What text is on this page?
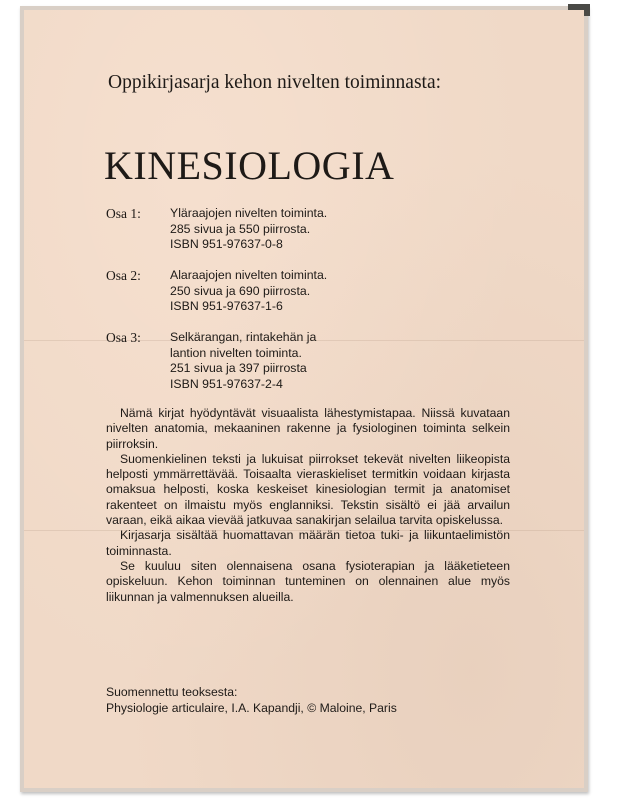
Oppikirjasarja kehon nivelten toiminnasta:
KINESIOLOGIA
Osa 1:	Yläraajojen nivelten toiminta.
285 sivua ja 550 piirrosta.
ISBN 951-97637-0-8
Osa 2:	Alaraajojen nivelten toiminta.
250 sivua ja 690 piirrosta.
ISBN 951-97637-1-6
Osa 3:	Selkärangan, rintakehän ja
lantion nivelten toiminta.
251 sivua ja 397 piirrosta
ISBN 951-97637-2-4

Nämä kirjat hyödyntävät visuaalista lähestymistapaa. Niissä kuvataan nivelten anatomia, mekaaninen rakenne ja fysiologinen toiminta selkein piirroksin.

Suomenkielinen teksti ja lukuisat piirrokset tekevät nivelten liikeopista helposti ymmärrettävää. Toisaalta vieraskieliset termitkin voidaan kirjasta omaksua helposti, koska keskeiset kinesiologian termit ja anatomiset rakenteet on ilmaistu myös englanniksi. Tekstin sisältö ei jää arvailun varaan, eikä aikaa vievää jatkuvaa sanakirjan selailua tarvita opiskelussa.

Kirjasarja sisältää huomattavan määrän tietoa tuki- ja liikuntaelimistön toiminnasta.

Se kuuluu siten olennaisena osana fysioterapian ja lääketieteen opiskeluun. Kehon toiminnan tunteminen on olennainen alue myös liikunnan ja valmennuksen alueilla.

Suomennettu teoksesta:
Physiologie articulaire, I.A. Kapandji, © Maloine, Paris
